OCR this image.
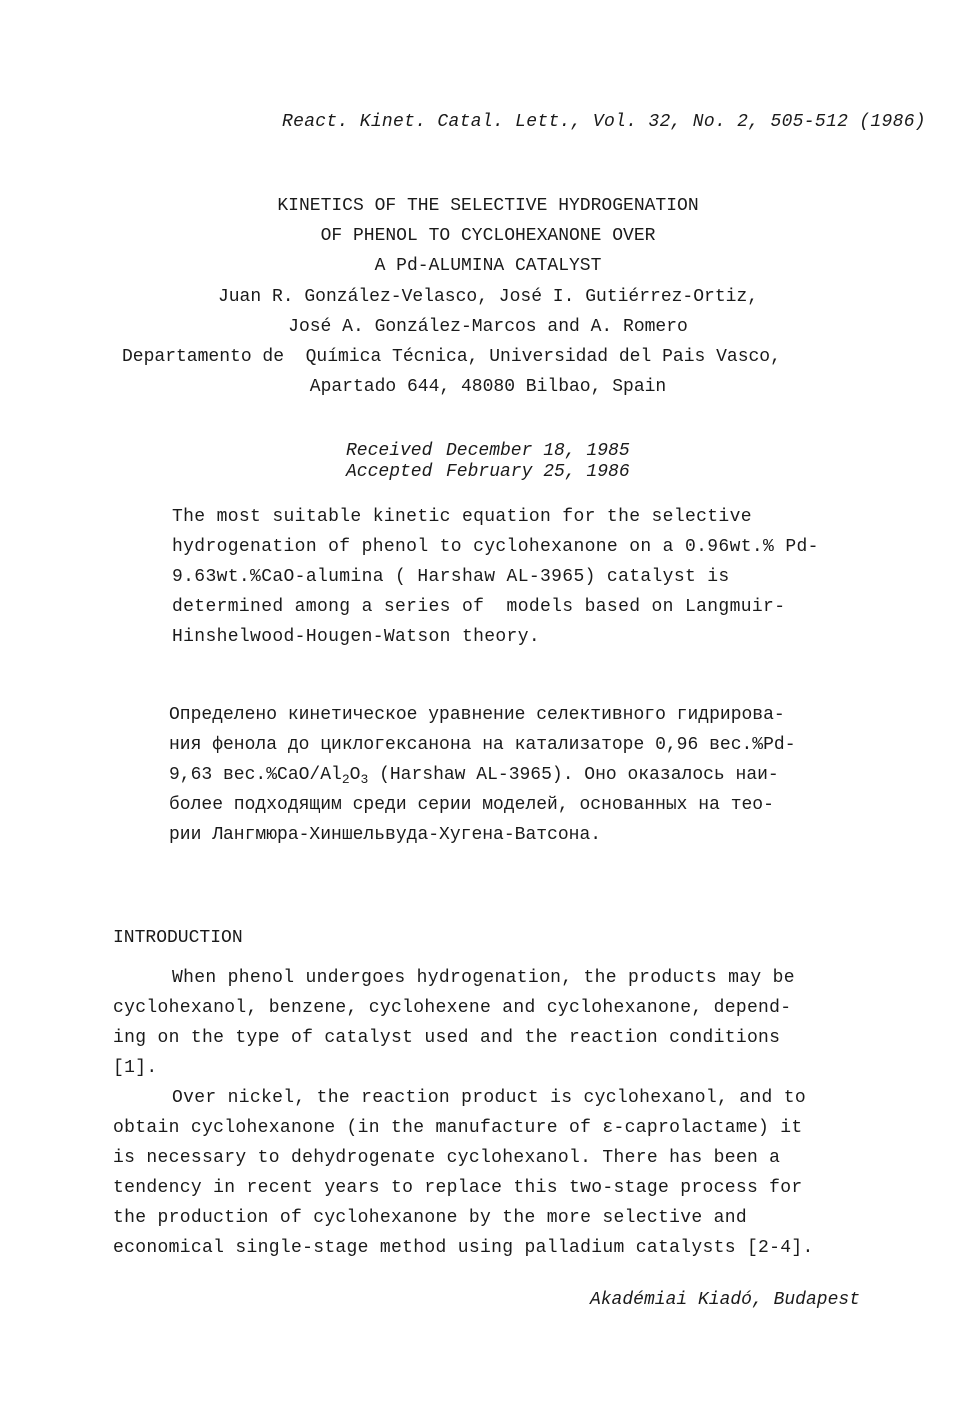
React. Kinet. Catal. Lett., Vol. 32, No. 2, 505-512 (1986)
KINETICS OF THE SELECTIVE HYDROGENATION
OF PHENOL TO CYCLOHEXANONE OVER
A Pd-ALUMINA CATALYST
Juan R. González-Velasco, José I. Gutiérrez-Ortiz,
José A. González-Marcos and A. Romero
Departamento de  Química Técnica, Universidad del Pais Vasco,
Apartado 644, 48080 Bilbao, Spain
Received December 18, 1985
Accepted February 25, 1986
The most suitable kinetic equation for the selective
hydrogenation of phenol to cyclohexanone on a 0.96wt.% Pd-
9.63wt.%CaO-alumina ( Harshaw AL-3965) catalyst is
determined among a series of  models based on Langmuir-
Hinshelwood-Hougen-Watson theory.
Определено кинетическое уравнение селективного гидрирова-
ния фенола до циклогексанона на катализаторе 0,96 вес.%Pd-
9,63 $вес.\%CaO/Al_2O_3$ (Harshaw AL-3965). Оно оказалось наи-
более подходящим среди серии моделей, основанных на тео-
рии Лангмюра-Хиншельвуда-Хугена-Ватсона.
INTRODUCTION
When phenol undergoes hydrogenation, the products may be
cyclohexanol, benzene, cyclohexene and cyclohexanone, depend-
ing on the type of catalyst used and the reaction conditions
[1].
Over nickel, the reaction product is cyclohexanol, and to
obtain cyclohexanone (in the manufacture of ε-caprolactame) it
is necessary to dehydrogenate cyclohexanol. There has been a
tendency in recent years to replace this two-stage process for
the production of cyclohexanone by the more selective and
economical single-stage method using palladium catalysts [2-4].
Akadémiai Kiadó, Budapest
